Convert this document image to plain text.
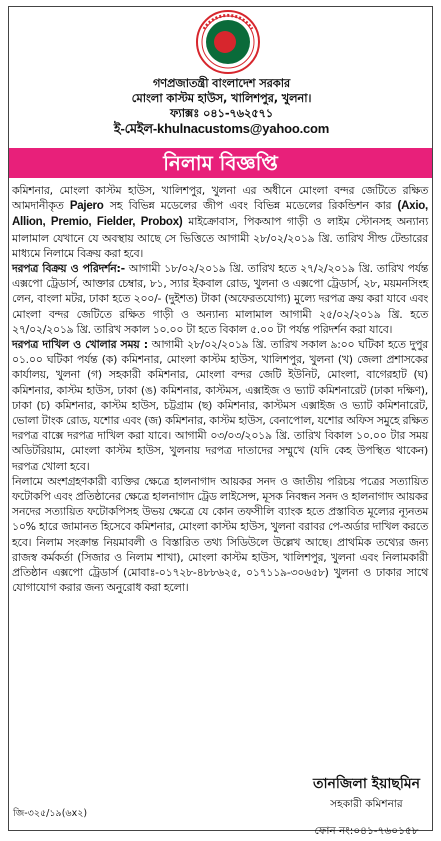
গণপ্রজাতন্ত্রী বাংলাদেশ সরকার
মোংলা কাস্টম হাউস, খালিশপুর, খুলনা।
ফ্যাক্সঃ ০৪১-৭৬২৫৭১
ই-মেইল-khulnacustoms@yahoo.com
নিলাম বিজ্ঞপ্তি

কমিশনার, মোংলা কাস্টম হাউস, খালিশপুর, খুলনা এর অধীনে মোংলা বন্দর জেটিতে রক্ষিত আমদানীকৃত Pajero সহ বিভিন্ন মডেলের জীপ এবং বিভিন্ন মডেলের রিকন্ডিশন কার (Axio, Allion, Premio, Fielder, Probox) মাইক্রোবাস, পিকআপ গাড়ী ও লাইম স্টোনসহ অন্যান্য মালামাল যেখানে যে অবস্থায় আছে সে ভিত্তিতে আগামী ২৮/০২/২০১৯ খ্রি. তারিখ সীল্ড টেন্ডারের মাধ্যমে নিলামে বিক্রয় করা হবে।

দরপত্র বিক্রয় ও পরিদর্শন:- আগামী ১৮/০২/২০১৯ খ্রি. তারিখ হতে ২৭/২/২০১৯ খ্রি. তারিখ পর্যন্ত এক্সপো ট্রেডার্স, আক্তার চেম্বার, ৮১, স্যার ইকবাল রোড, খুলনা ও এক্সপো ট্রেডার্স, ২৮, ময়মনসিংহ লেন, বাংলা মটর, ঢাকা হতে ২০০/- (দুইশত) টাকা (অফেরতযোগ্য) মুল্যে দরপত্র ক্রয় করা যাবে এবং মোংলা বন্দর জেটিতে রক্ষিত গাড়ী ও অন্যান্য মালামাল আগামী ২৫/০২/২০১৯ খ্রি. হতে ২৭/০২/২০১৯ খ্রি. তারিখ সকাল ১০.০০ টা হতে বিকাল ৫.০০ টা পর্যন্ত পরিদর্শন করা যাবে।

দরপত্র দাখিল ও খোলার সময় : আগামী ২৮/০২/২০১৯ খ্রি. তারিখ সকাল ৯:০০ ঘটিকা হতে দুপুর ০১.০০ ঘটিকা পর্যন্ত (ক) কমিশনার, মোংলা কাস্টম হাউস, খালিশপুর, খুলনা (খ) জেলা প্রশাসকের কার্যালয়, খুলনা (গ) সহকারী কমিশনার, মোংলা বন্দর জেটি ইউনিট, মোংলা, বাগেরহাট (ঘ) কমিশনার, কাস্টম হাউস, ঢাকা (ঙ) কমিশনার, কাস্টমস, এক্সাইজ ও ভ্যাট কমিশনারেট (ঢাকা দক্ষিণ), ঢাকা (চ) কমিশনার, কাস্টম হাউস, চট্টগ্রাম (ছ) কমিশনার, কাস্টমস এক্সাইজ ও ভ্যাট কমিশনারেট, ভোলা টাংক রোড, যশোর এবং (জ) কমিশনার, কাস্টম হাউস, বেনাপোল, যশোর অফিস সমুহে রক্ষিত দরপত্র বাক্সে দরপত্র দাখিল করা যাবে। আগামী ০৩/০৩/২০১৯ খ্রি. তারিখ বিকাল ১০.০০ টার সময় অডিটরিয়াম, মোংলা কাস্টম হাউস, খুলনায় দরপত্র দাতাদের সম্মুখে (যদি কেহ উপস্থিত থাকেন) দরপত্র খোলা হবে।

নিলামে অংশগ্রহণকারী ব্যক্তির ক্ষেত্রে হালনাগাদ আয়কর সনদ ও জাতীয় পরিচয় পত্রের সত্যায়িত ফটোকপি এবং প্রতিষ্ঠানের ক্ষেত্রে হালনাগাদ ট্রেড লাইসেন্স, মূসক নিবন্ধন সনদ ও হালনাগাদ আয়কর সনদের সত্যায়িত ফটোকপিসহ উভয় ক্ষেত্রে যে কোন তফসীলি ব্যাংক হতে প্রস্তাবিত মূল্যের ন্যূনতম ১০% হারে জামানত হিসেবে কমিশনার, মোংলা কাস্টম হাউস, খুলনা বরাবর পে-অর্ডার দাখিল করতে হবে। নিলাম সংক্রান্ত নিয়মাবলী ও বিস্তারিত তথ্য সিডিউলে উল্লেখ আছে। প্রাথমিক তথ্যের জন্য রাজস্ব কর্মকর্তা (সিজার ও নিলাম শাখা), মোংলা কাস্টম হাউস, খালিশপুর, খুলনা এবং নিলামকারী প্রতিষ্ঠান এক্সপো ট্রেডার্স (মোবাঃ-০১৭২৮-৪৮৮৬২৫, ০১৭১১৯-৩০৬৫৮) খুলনা ও ঢাকার সাথে যোগাযোগ করার জন্য অনুরোধ করা হলো।

তানজিলা ইয়াছমিন
সহকারী কমিশনার
ফোন নং:০৪১-৭৬০১৫৮
জি-৩২৫/১৯(৬x২)
